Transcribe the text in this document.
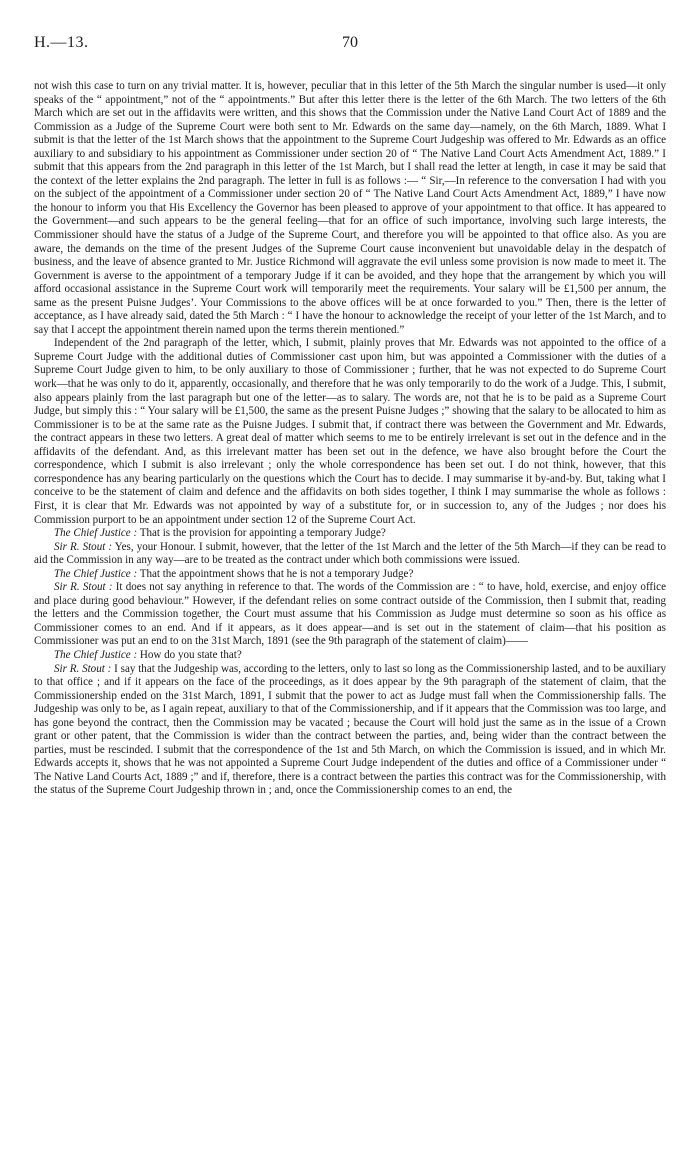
H.—13.	70

not wish this case to turn on any trivial matter. It is, however, peculiar that in this letter of the 5th March the singular number is used—it only speaks of the “ appointment,” not of the “ appointments.” But after this letter there is the letter of the 6th March. The two letters of the 6th March which are set out in the affidavits were written, and this shows that the Commission under the Native Land Court Act of 1889 and the Commission as a Judge of the Supreme Court were both sent to Mr. Edwards on the same day—namely, on the 6th March, 1889. What I submit is that the letter of the 1st March shows that the appointment to the Supreme Court Judgeship was offered to Mr. Edwards as an office auxiliary to and subsidiary to his appointment as Commissioner under section 20 of “ The Native Land Court Acts Amendment Act, 1889.” I submit that this appears from the 2nd paragraph in this letter of the 1st March, but I shall read the letter at length, in case it may be said that the context of the letter explains the 2nd paragraph. The letter in full is as follows :— “ Sir,—In reference to the conversation I had with you on the subject of the appointment of a Commissioner under section 20 of “ The Native Land Court Acts Amendment Act, 1889,” I have now the honour to inform you that His Excellency the Governor has been pleased to approve of your appointment to that office. It has appeared to the Government—and such appears to be the general feeling—that for an office of such importance, involving such large interests, the Commissioner should have the status of a Judge of the Supreme Court, and therefore you will be appointed to that office also. As you are aware, the demands on the time of the present Judges of the Supreme Court cause inconvenient but unavoidable delay in the despatch of business, and the leave of absence granted to Mr. Justice Richmond will aggravate the evil unless some provision is now made to meet it. The Government is averse to the appointment of a temporary Judge if it can be avoided, and they hope that the arrangement by which you will afford occasional assistance in the Supreme Court work will temporarily meet the requirements. Your salary will be £1,500 per annum, the same as the present Puisne Judges’. Your Commissions to the above offices will be at once forwarded to you.” Then, there is the letter of acceptance, as I have already said, dated the 5th March : “ I have the honour to acknowledge the receipt of your letter of the 1st March, and to say that I accept the appointment therein named upon the terms therein mentioned.”

Independent of the 2nd paragraph of the letter, which, I submit, plainly proves that Mr. Edwards was not appointed to the office of a Supreme Court Judge with the additional duties of Commissioner cast upon him, but was appointed a Commissioner with the duties of a Supreme Court Judge given to him, to be only auxiliary to those of Commissioner ; further, that he was not expected to do Supreme Court work—that he was only to do it, apparently, occasionally, and therefore that he was only temporarily to do the work of a Judge. This, I submit, also appears plainly from the last paragraph but one of the letter—as to salary. The words are, not that he is to be paid as a Supreme Court Judge, but simply this : “ Your salary will be £1,500, the same as the present Puisne Judges ;” showing that the salary to be allocated to him as Commissioner is to be at the same rate as the Puisne Judges. I submit that, if contract there was between the Government and Mr. Edwards, the contract appears in these two letters. A great deal of matter which seems to me to be entirely irrelevant is set out in the defence and in the affidavits of the defendant. And, as this irrelevant matter has been set out in the defence, we have also brought before the Court the correspondence, which I submit is also irrelevant ; only the whole correspondence has been set out. I do not think, however, that this correspondence has any bearing particularly on the questions which the Court has to decide. I may summarise it by-and-by. But, taking what I conceive to be the statement of claim and defence and the affidavits on both sides together, I think I may summarise the whole as follows : First, it is clear that Mr. Edwards was not appointed by way of a substitute for, or in succession to, any of the Judges ; nor does his Commission purport to be an appointment under section 12 of the Supreme Court Act.

The Chief Justice : That is the provision for appointing a temporary Judge?

Sir R. Stout : Yes, your Honour. I submit, however, that the letter of the 1st March and the letter of the 5th March—if they can be read to aid the Commission in any way—are to be treated as the contract under which both commissions were issued.

The Chief Justice : That the appointment shows that he is not a temporary Judge?

Sir R. Stout : It does not say anything in reference to that. The words of the Commission are : “ to have, hold, exercise, and enjoy office and place during good behaviour.” However, if the defendant relies on some contract outside of the Commission, then I submit that, reading the letters and the Commission together, the Court must assume that his Commission as Judge must determine so soon as his office as Commissioner comes to an end. And if it appears, as it does appear—and is set out in the statement of claim—that his position as Commissioner was put an end to on the 31st March, 1891 (see the 9th paragraph of the statement of claim)——

The Chief Justice : How do you state that?

Sir R. Stout : I say that the Judgeship was, according to the letters, only to last so long as the Commissionership lasted, and to be auxiliary to that office ; and if it appears on the face of the proceedings, as it does appear by the 9th paragraph of the statement of claim, that the Commissionership ended on the 31st March, 1891, I submit that the power to act as Judge must fall when the Commissionership falls. The Judgeship was only to be, as I again repeat, auxiliary to that of the Commissionership, and if it appears that the Commission was too large, and has gone beyond the contract, then the Commission may be vacated ; because the Court will hold just the same as in the issue of a Crown grant or other patent, that the Commission is wider than the contract between the parties, and, being wider than the contract between the parties, must be rescinded. I submit that the correspondence of the 1st and 5th March, on which the Commission is issued, and in which Mr. Edwards accepts it, shows that he was not appointed a Supreme Court Judge independent of the duties and office of a Commissioner under “ The Native Land Courts Act, 1889 ;” and if, therefore, there is a contract between the parties this contract was for the Commissionership, with the status of the Supreme Court Judgeship thrown in ; and, once the Commissionership comes to an end, the
